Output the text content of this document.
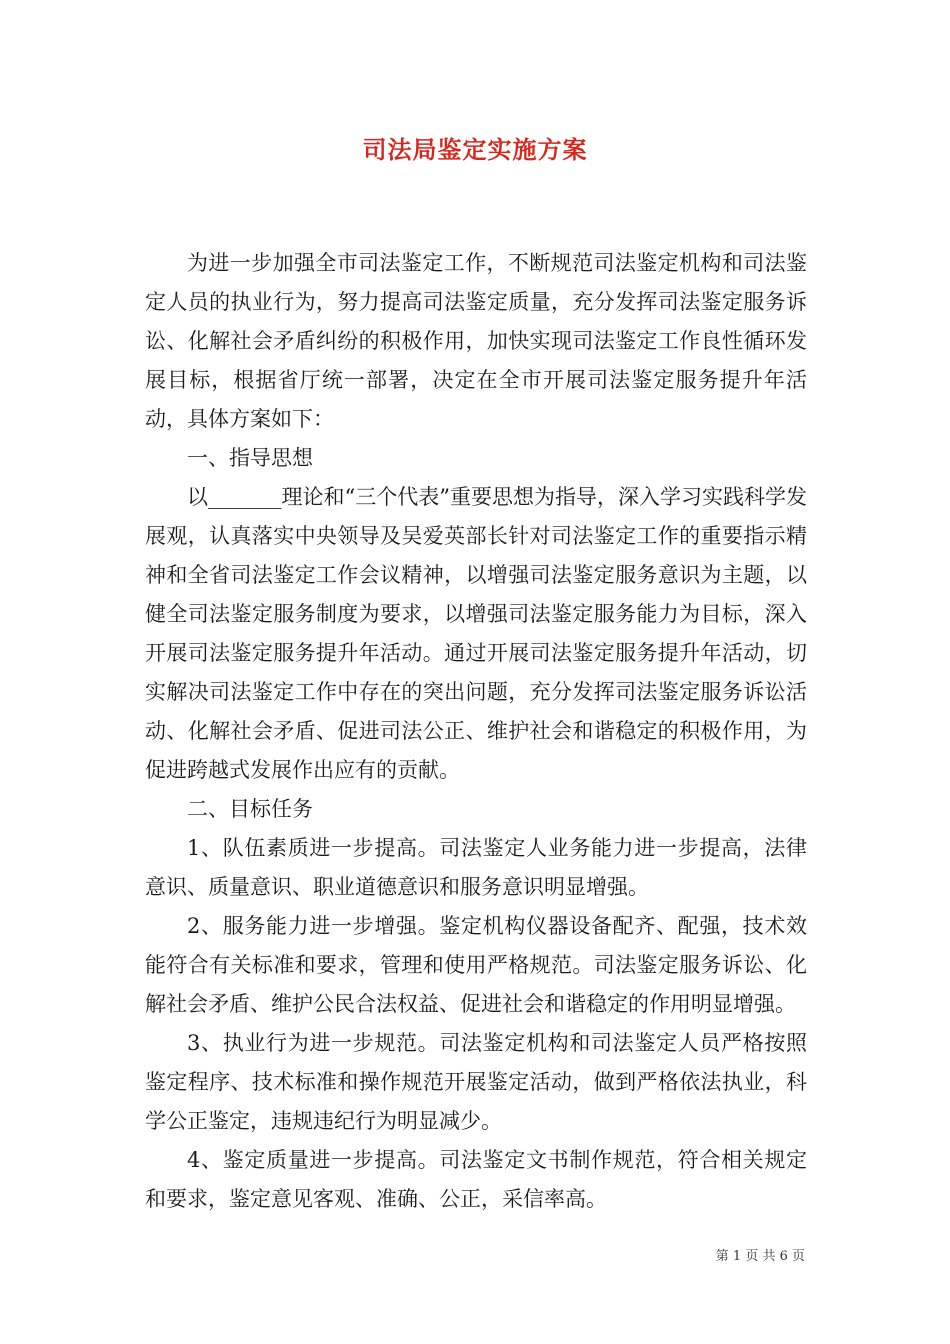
司法局鉴定实施方案

为进一步加强全市司法鉴定工作，不断规范司法鉴定机构和司法鉴定人员的执业行为，努力提高司法鉴定质量，充分发挥司法鉴定服务诉讼、化解社会矛盾纠纷的积极作用，加快实现司法鉴定工作良性循环发展目标，根据省厅统一部署，决定在全市开展司法鉴定服务提升年活动，具体方案如下：

一、指导思想

以_______理论和“三个代表”重要思想为指导，深入学习实践科学发展观，认真落实中央领导及吴爱英部长针对司法鉴定工作的重要指示精神和全省司法鉴定工作会议精神，以增强司法鉴定服务意识为主题，以健全司法鉴定服务制度为要求，以增强司法鉴定服务能力为目标，深入开展司法鉴定服务提升年活动。通过开展司法鉴定服务提升年活动，切实解决司法鉴定工作中存在的突出问题，充分发挥司法鉴定服务诉讼活动、化解社会矛盾、促进司法公正、维护社会和谐稳定的积极作用，为促进跨越式发展作出应有的贡献。

二、目标任务

1、队伍素质进一步提高。司法鉴定人业务能力进一步提高，法律意识、质量意识、职业道德意识和服务意识明显增强。

2、服务能力进一步增强。鉴定机构仪器设备配齐、配强，技术效能符合有关标准和要求，管理和使用严格规范。司法鉴定服务诉讼、化解社会矛盾、维护公民合法权益、促进社会和谐稳定的作用明显增强。

3、执业行为进一步规范。司法鉴定机构和司法鉴定人员严格按照鉴定程序、技术标准和操作规范开展鉴定活动，做到严格依法执业，科学公正鉴定，违规违纪行为明显减少。

4、鉴定质量进一步提高。司法鉴定文书制作规范，符合相关规定和要求，鉴定意见客观、准确、公正，采信率高。

第 1 页 共 6 页
